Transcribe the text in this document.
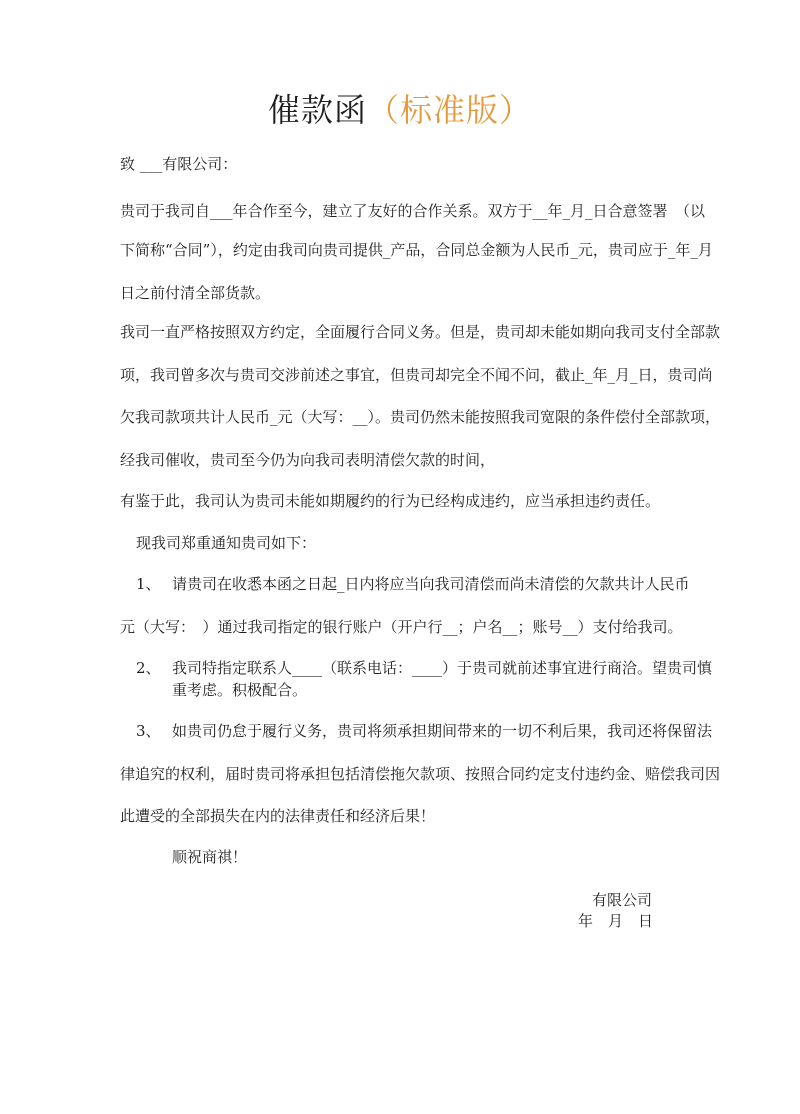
催款函（标准版）
致 ___有限公司：
贵司于我司自___年合作至今，建立了友好的合作关系。双方于__年_月_日合意签署　（以
下简称“合同”），约定由我司向贵司提供_产品，合同总金额为人民币_元，贵司应于_年_月
日之前付清全部货款。
我司一直严格按照双方约定，全面履行合同义务。但是，贵司却未能如期向我司支付全部款
项，我司曾多次与贵司交涉前述之事宜，但贵司却完全不闻不问，截止_年_月_日，贵司尚
欠我司款项共计人民币_元（大写：__）。贵司仍然未能按照我司宽限的条件偿付全部款项，
经我司催收，贵司至今仍为向我司表明清偿欠款的时间，
有鉴于此，我司认为贵司未能如期履约的行为已经构成违约，应当承担违约责任。
现我司郑重通知贵司如下：
1、 请贵司在收悉本函之日起_日内将应当向我司清偿而尚未清偿的欠款共计人民币
元（大写：　）通过我司指定的银行账户（开户行__；户名__；账号__）支付给我司。
2、 我司特指定联系人____（联系电话：____）于贵司就前述事宜进行商洽。望贵司慎
重考虑。积极配合。
3、 如贵司仍怠于履行义务，贵司将须承担期间带来的一切不利后果，我司还将保留法
律追究的权利，届时贵司将承担包括清偿拖欠款项、按照合同约定支付违约金、赔偿我司因
此遭受的全部损失在内的法律责任和经济后果！
顺祝商祺！
有限公司
年　月　日
